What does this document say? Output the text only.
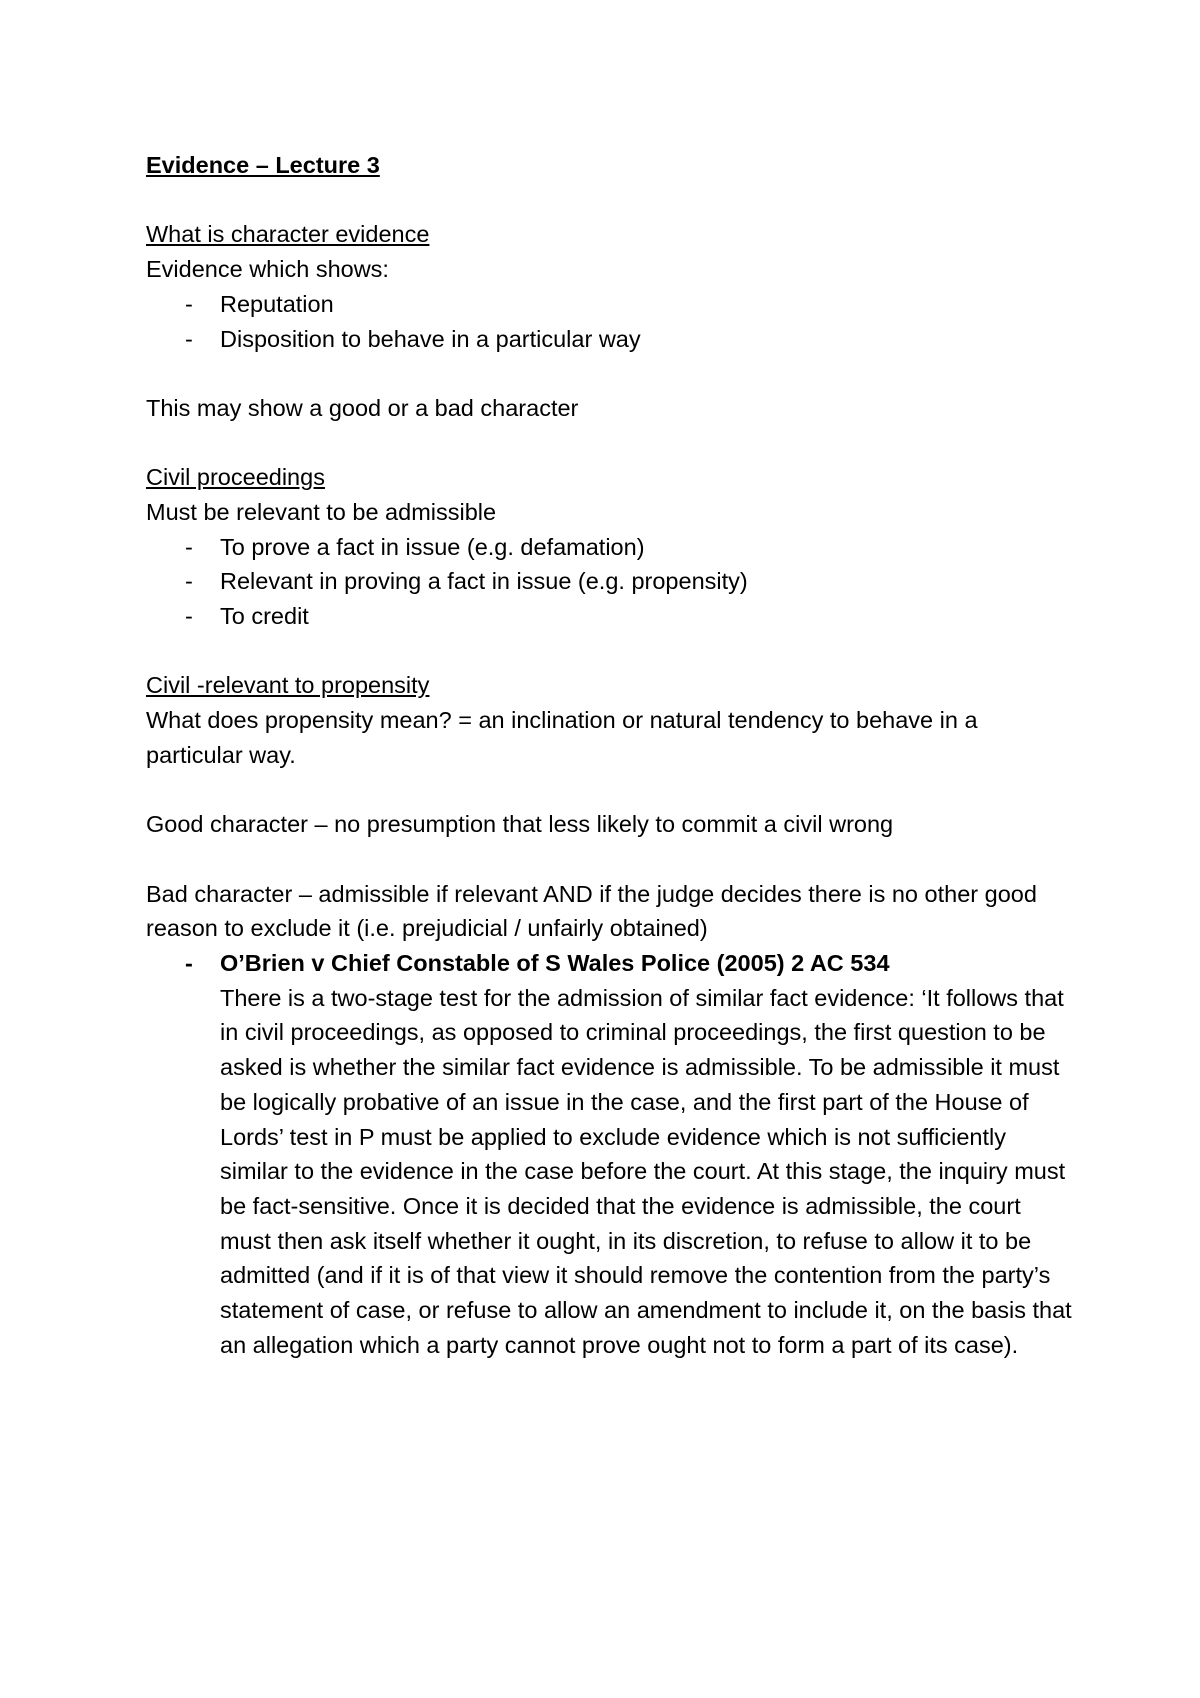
Evidence – Lecture 3

What is character evidence

Evidence which shows:

- Reputation
- Disposition to behave in a particular way

This may show a good or a bad character

Civil proceedings

Must be relevant to be admissible

- To prove a fact in issue (e.g. defamation)
- Relevant in proving a fact in issue (e.g. propensity)
- To credit

Civil -relevant to propensity

What does propensity mean? = an inclination or natural tendency to behave in a particular way.

Good character – no presumption that less likely to commit a civil wrong

Bad character – admissible if relevant AND if the judge decides there is no other good reason to exclude it (i.e. prejudicial / unfairly obtained)

- O’Brien v Chief Constable of S Wales Police (2005) 2 AC 534
There is a two-stage test for the admission of similar fact evidence: ‘It follows that in civil proceedings, as opposed to criminal proceedings, the first question to be asked is whether the similar fact evidence is admissible. To be admissible it must be logically probative of an issue in the case, and the first part of the House of Lords’ test in P must be applied to exclude evidence which is not sufficiently similar to the evidence in the case before the court. At this stage, the inquiry must be fact-sensitive. Once it is decided that the evidence is admissible, the court must then ask itself whether it ought, in its discretion, to refuse to allow it to be admitted (and if it is of that view it should remove the contention from the party’s statement of case, or refuse to allow an amendment to include it, on the basis that an allegation which a party cannot prove ought not to form a part of its case).
